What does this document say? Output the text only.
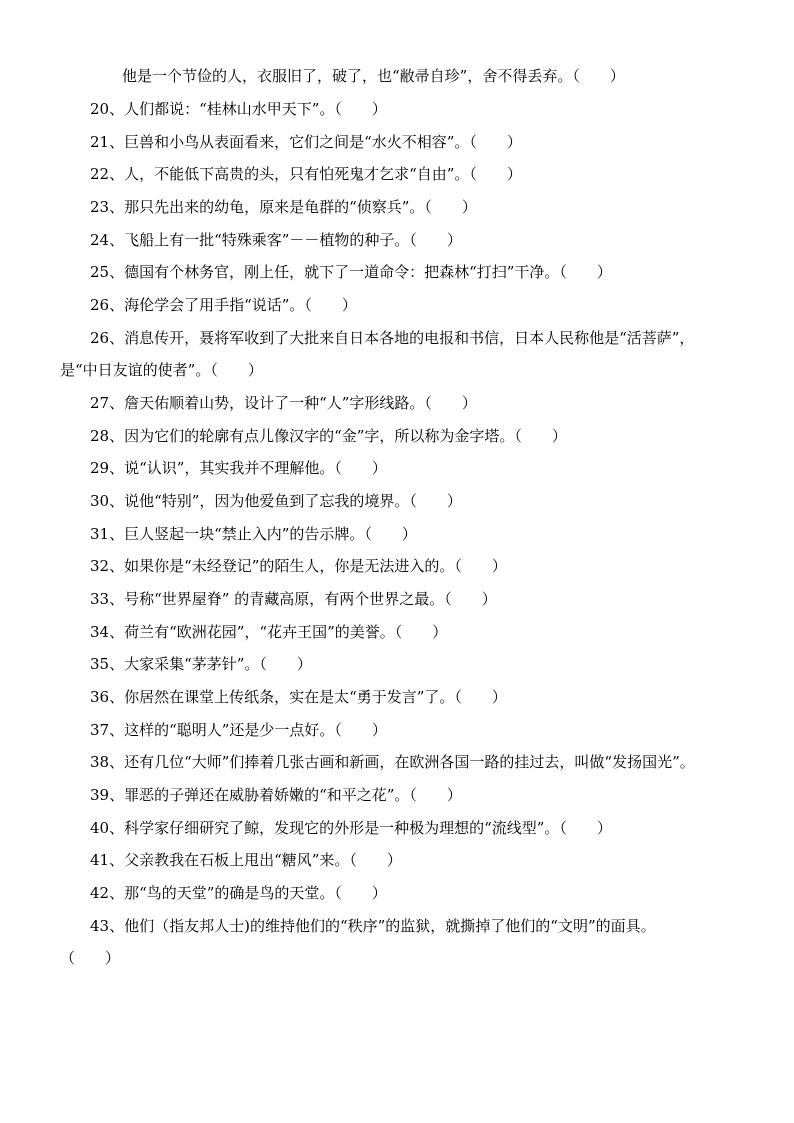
他是一个节俭的人，衣服旧了，破了，也“敝帚自珍”，舍不得丢弃。（　　）
20、人们都说：“桂林山水甲天下”。（　　）
21、巨兽和小鸟从表面看来，它们之间是“水火不相容”。（　　）
22、人，不能低下高贵的头，只有怕死鬼才乞求“自由”。（　　）
23、那只先出来的幼龟，原来是龟群的“侦察兵”。（　　）
24、飞船上有一批“特殊乘客”－－植物的种子。（　　）
25、德国有个林务官，刚上任，就下了一道命令：把森林“打扫”干净。（　　）
26、海伦学会了用手指“说话”。（　　）
26、消息传开，聂将军收到了大批来自日本各地的电报和书信，日本人民称他是“活菩萨”，
是“中日友谊的使者”。（　　）
27、詹天佑顺着山势，设计了一种“人”字形线路。（　　）
28、因为它们的轮廓有点儿像汉字的“金”字，所以称为金字塔。（　　）
29、说“认识”，其实我并不理解他。（　　）
30、说他“特别”，因为他爱鱼到了忘我的境界。（　　）
31、巨人竖起一块“禁止入内”的告示牌。（　　）
32、如果你是“未经登记”的陌生人，你是无法进入的。（　　）
33、号称“世界屋脊” 的青藏高原，有两个世界之最。（　　）
34、荷兰有“欧洲花园”，“花卉王国”的美誉。（　　）
35、大家采集“茅茅针”。（　　）
36、你居然在课堂上传纸条，实在是太“勇于发言”了。（　　）
37、这样的“聪明人”还是少一点好。（　　）
38、还有几位“大师”们捧着几张古画和新画，在欧洲各国一路的挂过去，叫做“发扬国光”。
39、罪恶的子弹还在威胁着娇嫩的“和平之花”。（　　）
40、科学家仔细研究了鲸，发现它的外形是一种极为理想的“流线型”。（　　）
41、父亲教我在石板上甩出“糖风”来。（　　）
42、那“鸟的天堂”的确是鸟的天堂。（　　）
43、他们（指友邦人士)的维持他们的“秩序”的监狱，就撕掉了他们的“文明”的面具。
（　　）
